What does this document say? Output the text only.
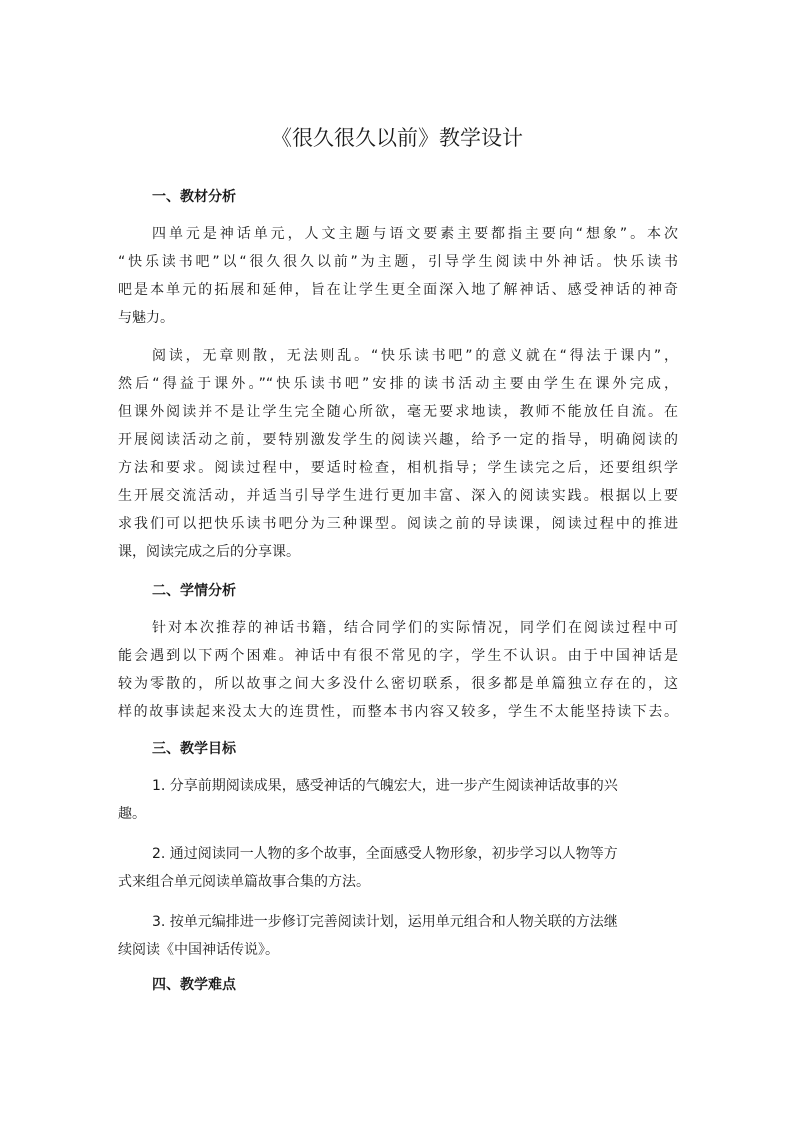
《很久很久以前》教学设计
一、教材分析
四单元是神话单元，人文主题与语文要素主要都指主要向“想象”。本次
“快乐读书吧”以“很久很久以前”为主题，引导学生阅读中外神话。快乐读书
吧是本单元的拓展和延伸，旨在让学生更全面深入地了解神话、感受神话的神奇
与魅力。
阅读，无章则散，无法则乱。“快乐读书吧”的意义就在“得法于课内”，
然后“得益于课外。”“快乐读书吧”安排的读书活动主要由学生在课外完成，
但课外阅读并不是让学生完全随心所欲，毫无要求地读，教师不能放任自流。在
开展阅读活动之前，要特别激发学生的阅读兴趣，给予一定的指导，明确阅读的
方法和要求。阅读过程中，要适时检查，相机指导；学生读完之后，还要组织学
生开展交流活动，并适当引导学生进行更加丰富、深入的阅读实践。根据以上要
求我们可以把快乐读书吧分为三种课型。阅读之前的导读课，阅读过程中的推进
课，阅读完成之后的分享课。
二、学情分析
针对本次推荐的神话书籍，结合同学们的实际情况，同学们在阅读过程中可
能会遇到以下两个困难。神话中有很不常见的字，学生不认识。由于中国神话是
较为零散的，所以故事之间大多没什么密切联系，很多都是单篇独立存在的，这
样的故事读起来没太大的连贯性，而整本书内容又较多，学生不太能坚持读下去。
三、教学目标
1. 分享前期阅读成果，感受神话的气魄宏大，进一步产生阅读神话故事的兴
趣。
2. 通过阅读同一人物的多个故事，全面感受人物形象，初步学习以人物等方
式来组合单元阅读单篇故事合集的方法。
3. 按单元编排进一步修订完善阅读计划，运用单元组合和人物关联的方法继
续阅读《中国神话传说》。
四、教学难点
